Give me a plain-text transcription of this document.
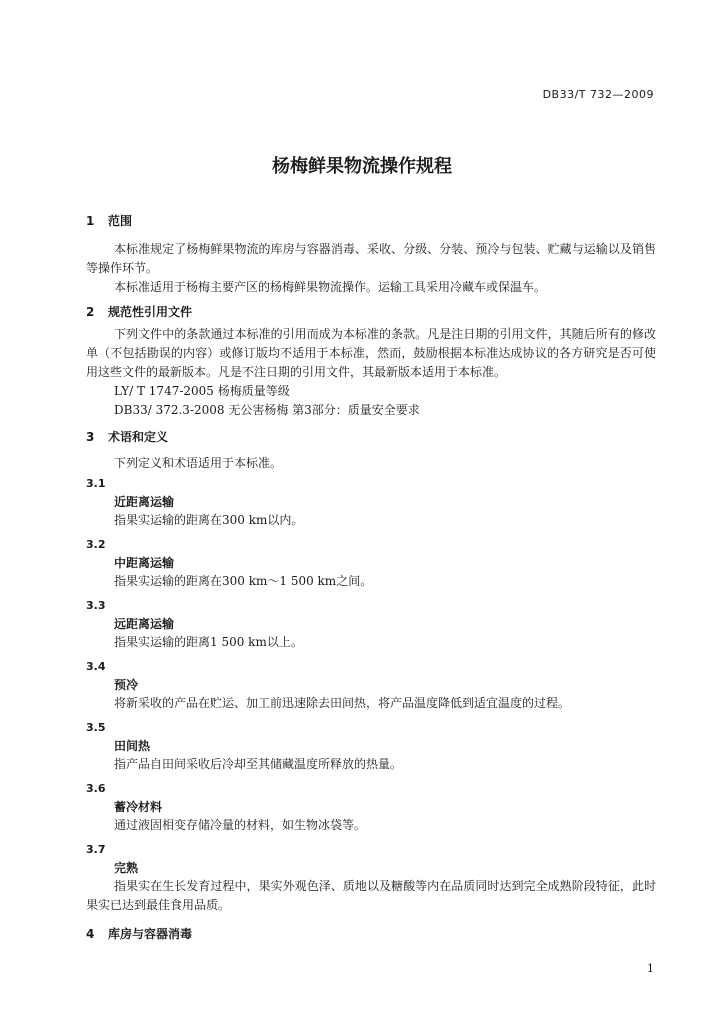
DB33/T 732—2009
杨梅鲜果物流操作规程
1 范围

本标准规定了杨梅鲜果物流的库房与容器消毒、采收、分级、分装、预冷与包装、贮藏与运输以及销售等操作环节。

本标准适用于杨梅主要产区的杨梅鲜果物流操作。运输工具采用冷藏车或保温车。

2 规范性引用文件

下列文件中的条款通过本标准的引用而成为本标准的条款。凡是注日期的引用文件，其随后所有的修改单（不包括勘误的内容）或修订版均不适用于本标准，然而，鼓励根据本标准达成协议的各方研究是否可使用这些文件的最新版本。凡是不注日期的引用文件，其最新版本适用于本标准。

LY/ T 1747-2005 杨梅质量等级
DB33/ 372.3-2008 无公害杨梅 第3部分：质量安全要求
3 术语和定义
下列定义和术语适用于本标准。
3.1
近距离运输
指果实运输的距离在300 km以内。
3.2
中距离运输
指果实运输的距离在300 km～1 500 km之间。
3.3
远距离运输
指果实运输的距离1 500 km以上。
3.4
预冷
将新采收的产品在贮运、加工前迅速除去田间热，将产品温度降低到适宜温度的过程。
3.5
田间热
指产品自田间采收后冷却至其储藏温度所释放的热量。
3.6
蓄冷材料
通过液固相变存储冷量的材料，如生物冰袋等。
3.7
完熟

指果实在生长发育过程中，果实外观色泽、质地以及糖酸等内在品质同时达到完全成熟阶段特征，此时果实已达到最佳食用品质。

4 库房与容器消毒
1
